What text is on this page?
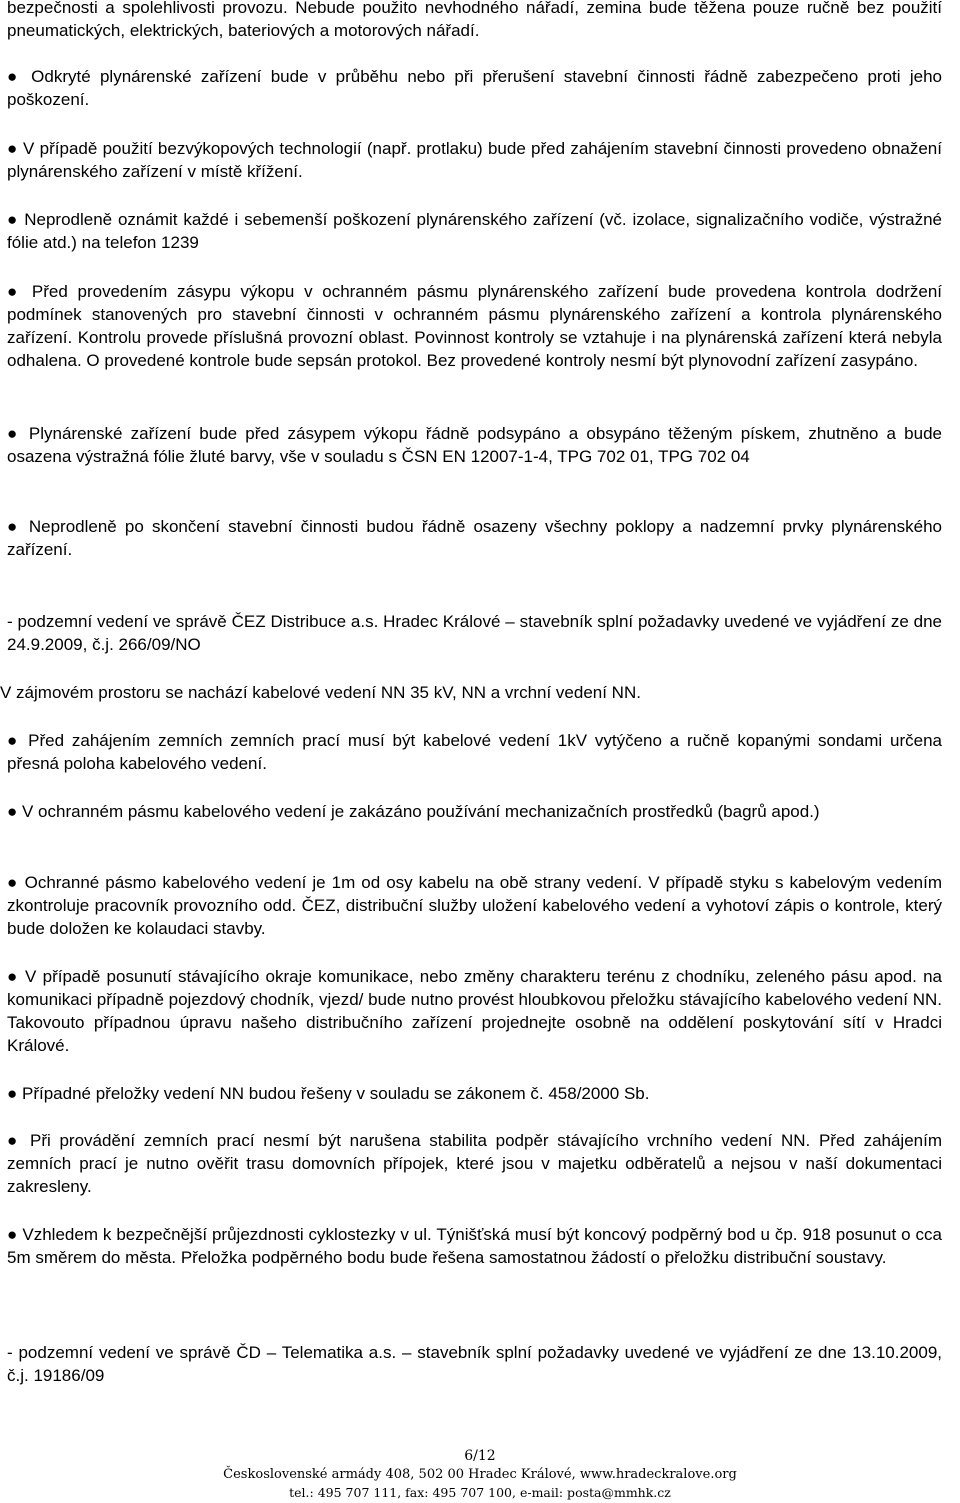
bezpečnosti a spolehlivosti provozu. Nebude použito nevhodného nářadí, zemina bude těžena pouze ručně bez použití pneumatických, elektrických, bateriových a motorových nářadí.

● Odkryté plynárenské zařízení bude v průběhu nebo při přerušení stavební činnosti řádně zabezpečeno proti jeho poškození.

● V případě použití bezvýkopových technologií (např. protlaku) bude před zahájením stavební činnosti provedeno obnažení plynárenského zařízení v místě křížení.

● Neprodleně oznámit každé i sebemenší poškození plynárenského zařízení (vč. izolace, signalizačního vodiče, výstražné fólie atd.) na telefon 1239

● Před provedením zásypu výkopu v ochranném pásmu plynárenského zařízení bude provedena kontrola dodržení podmínek stanovených pro stavební činnosti v ochranném pásmu plynárenského zařízení a kontrola plynárenského zařízení. Kontrolu provede příslušná provozní oblast. Povinnost kontroly se vztahuje i na plynárenská zařízení která nebyla odhalena. O provedené kontrole bude sepsán protokol. Bez provedené kontroly nesmí být plynovodní zařízení zasypáno.

● Plynárenské zařízení bude před zásypem výkopu řádně podsypáno a obsypáno těženým pískem, zhutněno a bude osazena výstražná fólie žluté barvy, vše v souladu s ČSN EN 12007-1-4, TPG 702 01, TPG 702 04

● Neprodleně po skončení stavební činnosti budou řádně osazeny všechny poklopy a nadzemní prvky plynárenského zařízení.

- podzemní vedení ve správě ČEZ Distribuce a.s. Hradec Králové – stavebník splní požadavky uvedené ve vyjádření ze dne 24.9.2009, č.j. 266/09/NO

V zájmovém prostoru se nachází kabelové vedení NN 35 kV, NN a vrchní vedení NN.

● Před zahájením zemních zemních prací musí být kabelové vedení 1kV vytýčeno a ručně kopanými sondami určena přesná poloha kabelového vedení.

● V ochranném pásmu kabelového vedení je zakázáno používání mechanizačních prostředků (bagrů apod.)

● Ochranné pásmo kabelového vedení je 1m od osy kabelu na obě strany vedení. V případě styku s kabelovým vedením zkontroluje pracovník provozního odd. ČEZ, distribuční služby uložení kabelového vedení a vyhotoví zápis o kontrole, který bude doložen ke kolaudaci stavby.

● V případě posunutí stávajícího okraje komunikace, nebo změny charakteru terénu z chodníku, zeleného pásu apod. na komunikaci případně pojezdový chodník, vjezd/ bude nutno provést hloubkovou přeložku stávajícího kabelového vedení NN. Takovouto případnou úpravu našeho distribučního zařízení projednejte osobně na oddělení poskytování sítí v Hradci Králové.

● Případné přeložky vedení NN budou řešeny v souladu se zákonem č. 458/2000 Sb.

● Při provádění zemních prací nesmí být narušena stabilita podpěr stávajícího vrchního vedení NN. Před zahájením zemních prací je nutno ověřit trasu domovních přípojek, které jsou v majetku odběratelů a nejsou v naší dokumentaci zakresleny.

● Vzhledem k bezpečnější průjezdnosti cyklostezky v ul. Týnišťská musí být koncový podpěrný bod u čp. 918 posunut o cca 5m směrem do města. Přeložka podpěrného bodu bude řešena samostatnou žádostí o přeložku distribuční soustavy.

- podzemní vedení ve správě ČD – Telematika a.s. – stavebník splní požadavky uvedené ve vyjádření ze dne 13.10.2009, č.j. 19186/09

6/12
Československé armády 408, 502 00 Hradec Králové, www.hradeckralove.org
tel.: 495 707 111, fax: 495 707 100, e-mail: posta@mmhk.cz
